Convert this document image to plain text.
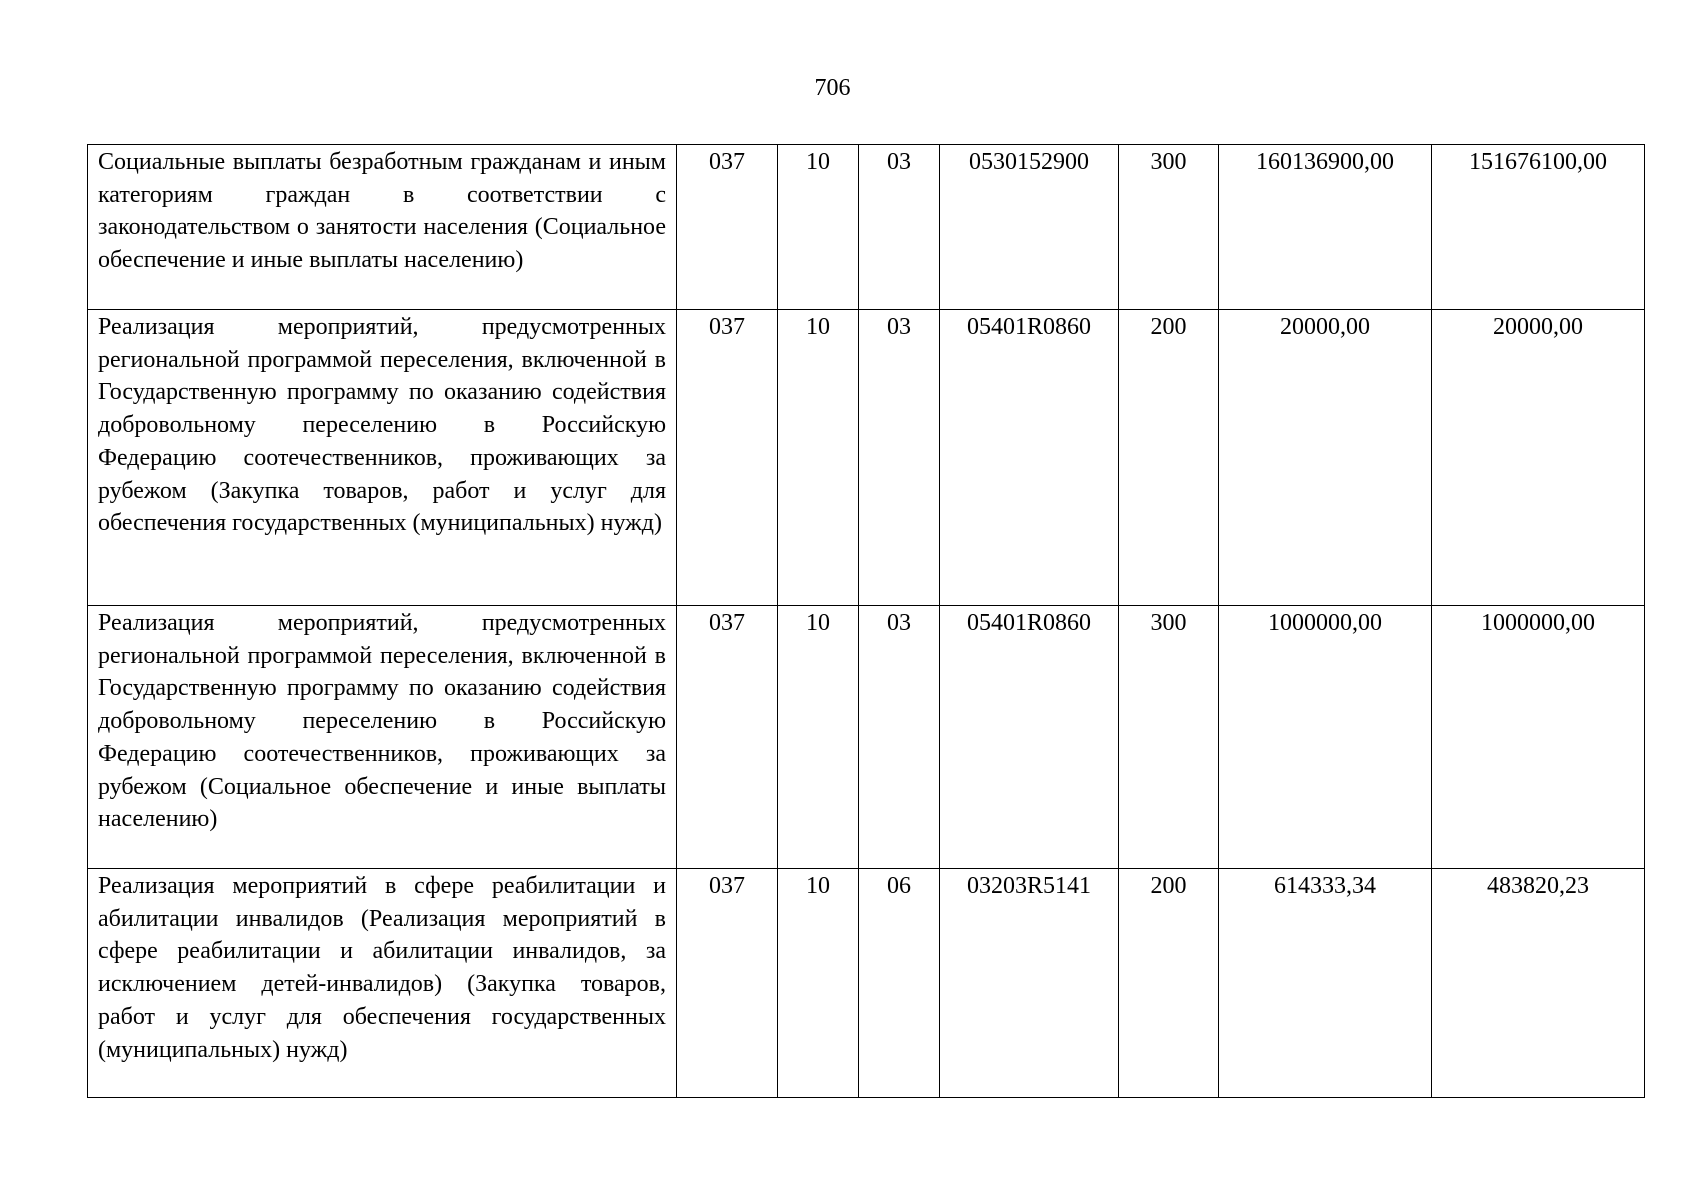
706
Социальные выплаты безработным гражданам и иным категориям граждан в соответствии с законодательством о занятости населения (Социальное обеспечение и иные выплаты населению)	037	10	03	0530152900	300	160136900,00	151676100,00
Реализация мероприятий, предусмотренных региональной программой переселения, включенной в Государственную программу по оказанию содействия добровольному переселению в Российскую Федерацию соотечественников, проживающих за рубежом (Закупка товаров, работ и услуг для обеспечения государственных (муниципальных) нужд)	037	10	03	05401R0860	200	20000,00	20000,00
Реализация мероприятий, предусмотренных региональной программой переселения, включенной в Государственную программу по оказанию содействия добровольному переселению в Российскую Федерацию соотечественников, проживающих за рубежом (Социальное обеспечение и иные выплаты населению)	037	10	03	05401R0860	300	1000000,00	1000000,00
Реализация мероприятий в сфере реабилитации и абилитации инвалидов (Реализация мероприятий в сфере реабилитации и абилитации инвалидов, за исключением детей-инвалидов) (Закупка товаров, работ и услуг для обеспечения государственных (муниципальных) нужд)	037	10	06	03203R5141	200	614333,34	483820,23
